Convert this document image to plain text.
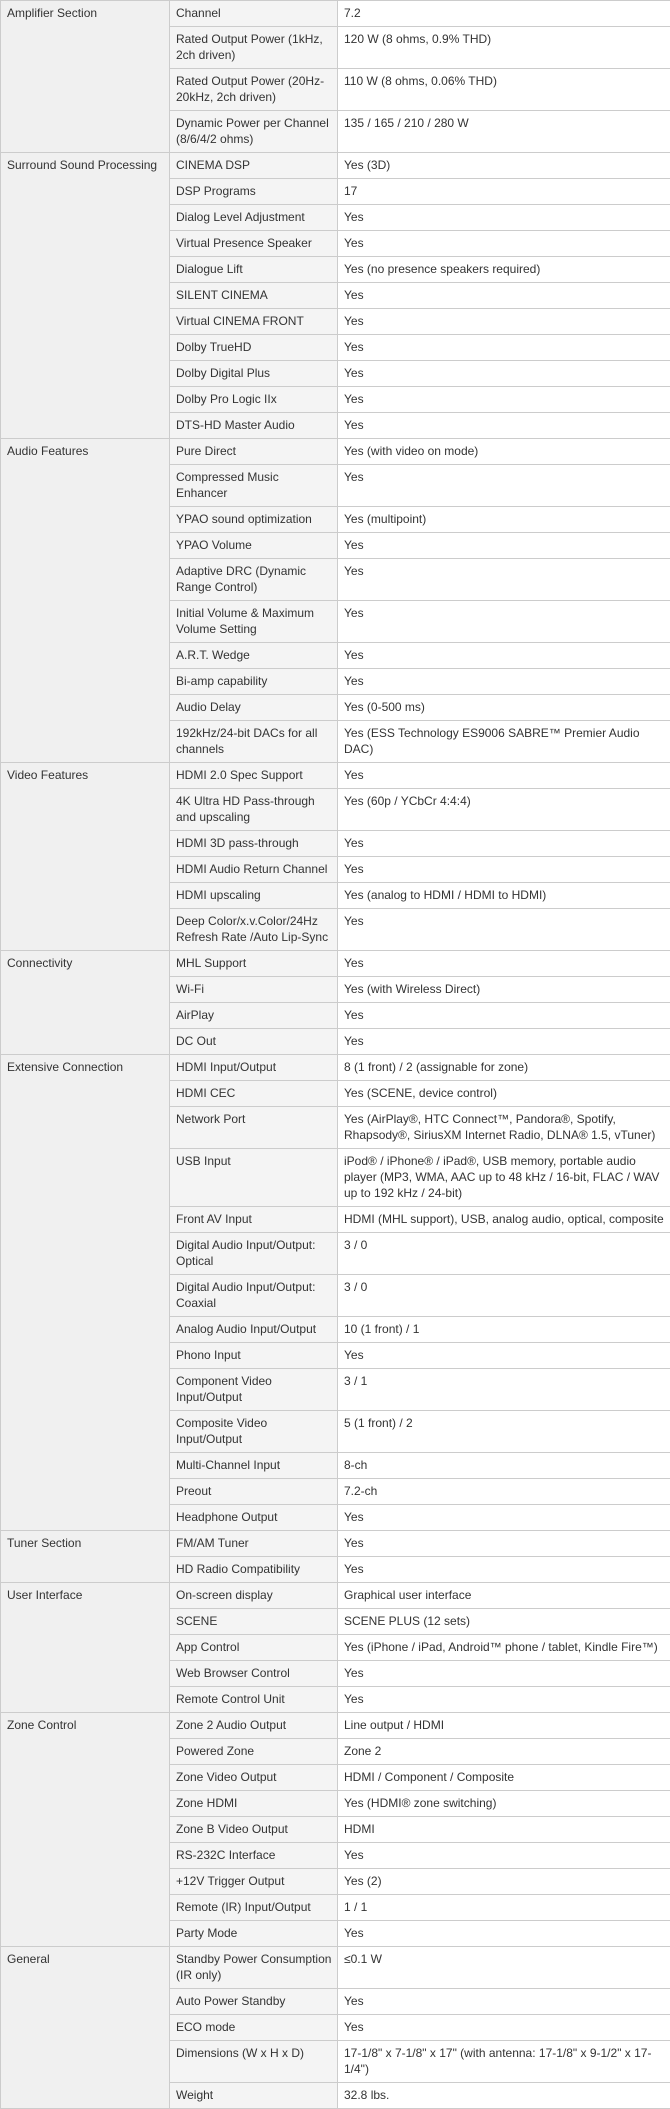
Amplifier Section	Channel	7.2
	Rated Output Power (1kHz, 2ch driven)	120 W (8 ohms, 0.9% THD)
	Rated Output Power (20Hz-20kHz, 2ch driven)	110 W (8 ohms, 0.06% THD)
	Dynamic Power per Channel (8/6/4/2 ohms)	135 / 165 / 210 / 280 W
Surround Sound Processing	CINEMA DSP	Yes (3D)
	DSP Programs	17
	Dialog Level Adjustment	Yes
	Virtual Presence Speaker	Yes
	Dialogue Lift	Yes (no presence speakers required)
	SILENT CINEMA	Yes
	Virtual CINEMA FRONT	Yes
	Dolby TrueHD	Yes
	Dolby Digital Plus	Yes
	Dolby Pro Logic IIx	Yes
	DTS-HD Master Audio	Yes
Audio Features	Pure Direct	Yes (with video on mode)
	Compressed Music Enhancer	Yes
	YPAO sound optimization	Yes (multipoint)
	YPAO Volume	Yes
	Adaptive DRC (Dynamic Range Control)	Yes
	Initial Volume & Maximum Volume Setting	Yes
	A.R.T. Wedge	Yes
	Bi-amp capability	Yes
	Audio Delay	Yes (0-500 ms)
	192kHz/24-bit DACs for all channels	Yes (ESS Technology ES9006 SABRE™ Premier Audio DAC)
Video Features	HDMI 2.0 Spec Support	Yes
	4K Ultra HD Pass-through and upscaling	Yes (60p / YCbCr 4:4:4)
	HDMI 3D pass-through	Yes
	HDMI Audio Return Channel	Yes
	HDMI upscaling	Yes (analog to HDMI / HDMI to HDMI)
	Deep Color/x.v.Color/24Hz Refresh Rate /Auto Lip-Sync	Yes
Connectivity	MHL Support	Yes
	Wi-Fi	Yes (with Wireless Direct)
	AirPlay	Yes
	DC Out	Yes
Extensive Connection	HDMI Input/Output	8 (1 front) / 2 (assignable for zone)
	HDMI CEC	Yes (SCENE, device control)
	Network Port	Yes (AirPlay®, HTC Connect™, Pandora®, Spotify, Rhapsody®, SiriusXM Internet Radio, DLNA® 1.5, vTuner)
	USB Input	iPod® / iPhone® / iPad®, USB memory, portable audio player (MP3, WMA, AAC up to 48 kHz / 16-bit, FLAC / WAV up to 192 kHz / 24-bit)
	Front AV Input	HDMI (MHL support), USB, analog audio, optical, composite
	Digital Audio Input/Output: Optical	3 / 0
	Digital Audio Input/Output: Coaxial	3 / 0
	Analog Audio Input/Output	10 (1 front) / 1
	Phono Input	Yes
	Component Video Input/Output	3 / 1
	Composite Video Input/Output	5 (1 front) / 2
	Multi-Channel Input	8-ch
	Preout	7.2-ch
	Headphone Output	Yes
Tuner Section	FM/AM Tuner	Yes
	HD Radio Compatibility	Yes
User Interface	On-screen display	Graphical user interface
	SCENE	SCENE PLUS (12 sets)
	App Control	Yes (iPhone / iPad, Android™ phone / tablet, Kindle Fire™)
	Web Browser Control	Yes
	Remote Control Unit	Yes
Zone Control	Zone 2 Audio Output	Line output / HDMI
	Powered Zone	Zone 2
	Zone Video Output	HDMI / Component / Composite
	Zone HDMI	Yes (HDMI® zone switching)
	Zone B Video Output	HDMI
	RS-232C Interface	Yes
	+12V Trigger Output	Yes (2)
	Remote (IR) Input/Output	1 / 1
	Party Mode	Yes
General	Standby Power Consumption (IR only)	≤0.1 W
	Auto Power Standby	Yes
	ECO mode	Yes
	Dimensions (W x H x D)	17-1/8" x 7-1/8" x 17" (with antenna: 17-1/8" x 9-1/2" x 17-1/4")
	Weight	32.8 lbs.
